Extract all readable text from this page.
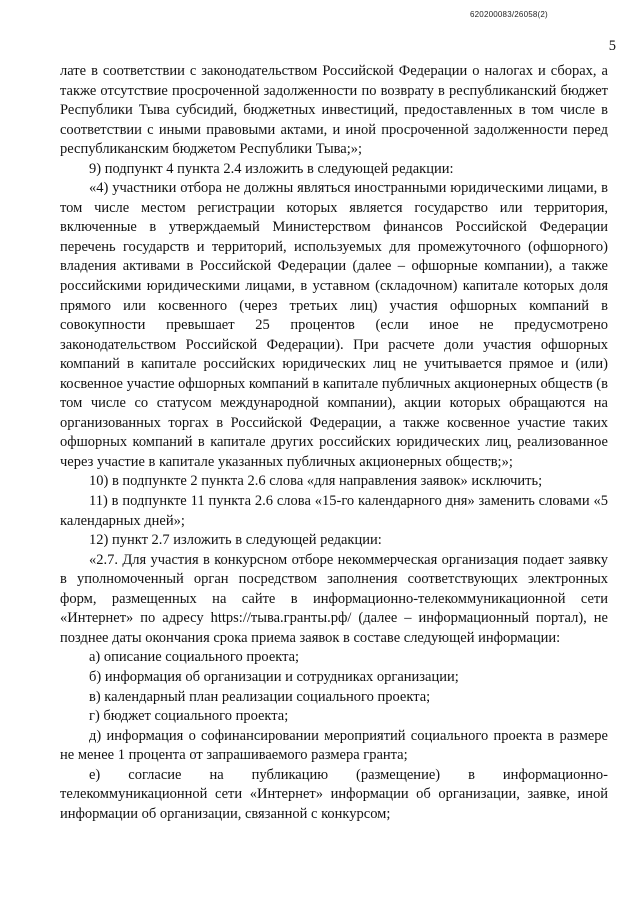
620200083/26058(2)
5

лате в соответствии с законодательством Российской Федерации о налогах и сборах, а также отсутствие просроченной задолженности по возврату в республиканский бюджет Республики Тыва субсидий, бюджетных инвестиций, предоставленных в том числе в соответствии с иными правовыми актами, и иной просроченной задолженности перед республиканским бюджетом Республики Тыва;»;

9) подпункт 4 пункта 2.4 изложить в следующей редакции:

«4) участники отбора не должны являться иностранными юридическими лицами, в том числе местом регистрации которых является государство или территория, включенные в утверждаемый Министерством финансов Российской Федерации перечень государств и территорий, используемых для промежуточного (офшорного) владения активами в Российской Федерации (далее – офшорные компании), а также российскими юридическими лицами, в уставном (складочном) капитале которых доля прямого или косвенного (через третьих лиц) участия офшорных компаний в совокупности превышает 25 процентов (если иное не предусмотрено законодательством Российской Федерации). При расчете доли участия офшорных компаний в капитале российских юридических лиц не учитывается прямое и (или) косвенное участие офшорных компаний в капитале публичных акционерных обществ (в том числе со статусом международной компании), акции которых обращаются на организованных торгах в Российской Федерации, а также косвенное участие таких офшорных компаний в капитале других российских юридических лиц, реализованное через участие в капитале указанных публичных акционерных обществ;»;

10) в подпункте 2 пункта 2.6 слова «для направления заявок» исключить;

11) в подпункте 11 пункта 2.6 слова «15-го календарного дня» заменить словами «5 календарных дней»;

12) пункт 2.7 изложить в следующей редакции:

«2.7. Для участия в конкурсном отборе некоммерческая организация подает заявку в уполномоченный орган посредством заполнения соответствующих электронных форм, размещенных на сайте в информационно-телекоммуникационной сети «Интернет» по адресу https://тыва.гранты.рф/ (далее – информационный портал), не позднее даты окончания срока приема заявок в составе следующей информации:

а) описание социального проекта;

б) информация об организации и сотрудниках организации;

в) календарный план реализации социального проекта;

г) бюджет социального проекта;

д) информация о софинансировании мероприятий социального проекта в размере не менее 1 процента от запрашиваемого размера гранта;

е) согласие на публикацию (размещение) в информационно-телекоммуникационной сети «Интернет» информации об организации, заявке, иной информации об организации, связанной с конкурсом;
